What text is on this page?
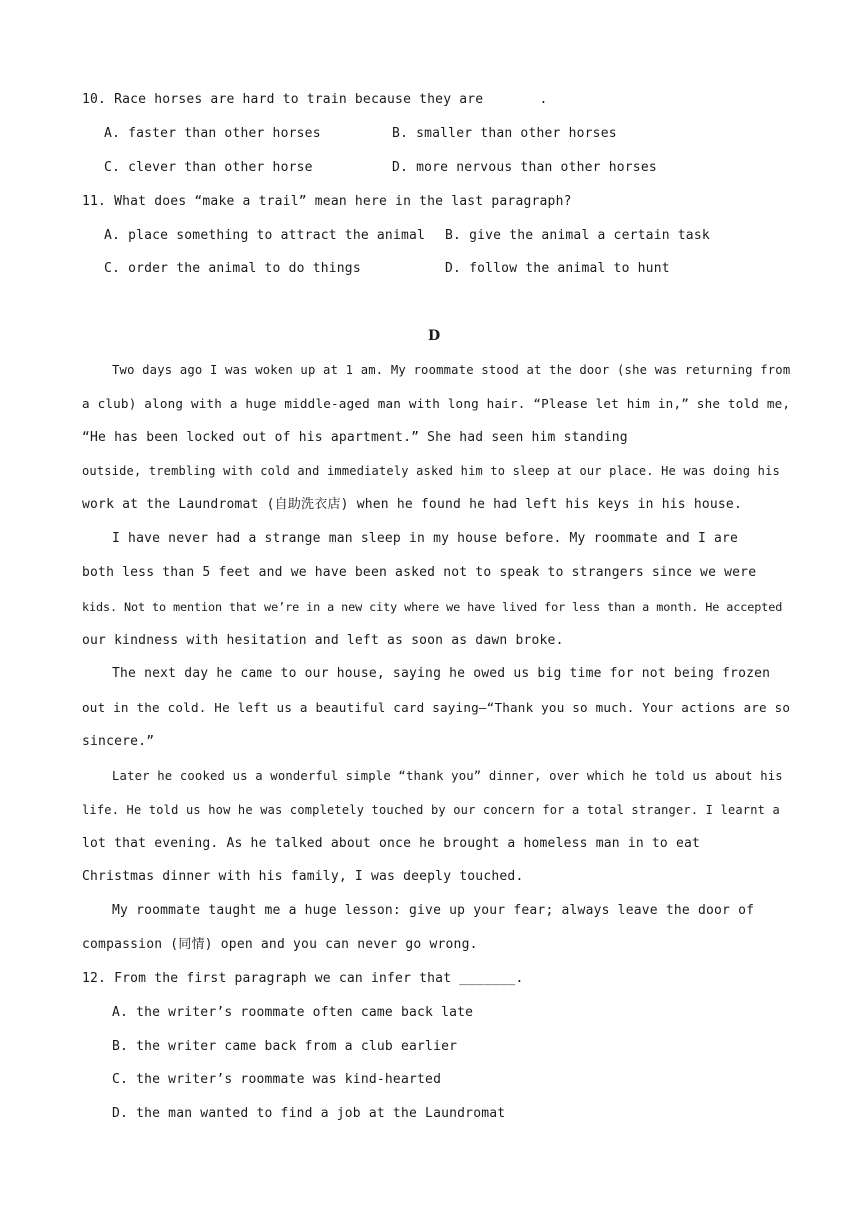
10. Race horses are hard to train because they are       .
A. faster than other horses	B. smaller than other horses
C. clever than other horse	D. more nervous than other horses
11. What does “make a trail” mean here in the last paragraph?
A. place something to attract the animal B. give the animal a certain task
C. order the animal to do things	D. follow the animal to hunt
D
Two days ago I was woken up at 1 am. My roommate stood at the door (she was returning from
a club) along with a huge middle-aged man with long hair. “Please let him in,” she told me,
“He has been locked out of his apartment.” She had seen him standing
outside, trembling with cold and immediately asked him to sleep at our place. He was doing his
work at the Laundromat (自助洗衣店) when he found he had left his keys in his house.
I have never had a strange man sleep in my house before. My roommate and I are
both less than 5 feet and we have been asked not to speak to strangers since we were
kids. Not to mention that we’re in a new city where we have lived for less than a month. He accepted
our kindness with hesitation and left as soon as dawn broke.
The next day he came to our house, saying he owed us big time for not being frozen
out in the cold. He left us a beautiful card saying—“Thank you so much. Your actions are so
sincere.”
Later he cooked us a wonderful simple “thank you” dinner, over which he told us about his
life. He told us how he was completely touched by our concern for a total stranger. I learnt a
lot that evening. As he talked about once he brought a homeless man in to eat
Christmas dinner with his family, I was deeply touched.
My roommate taught me a huge lesson: give up your fear; always leave the door of
compassion (同情) open and you can never go wrong.
12. From the first paragraph we can infer that _______.
A. the writer’s roommate often came back late
B. the writer came back from a club earlier
C. the writer’s roommate was kind-hearted
D. the man wanted to find a job at the Laundromat
